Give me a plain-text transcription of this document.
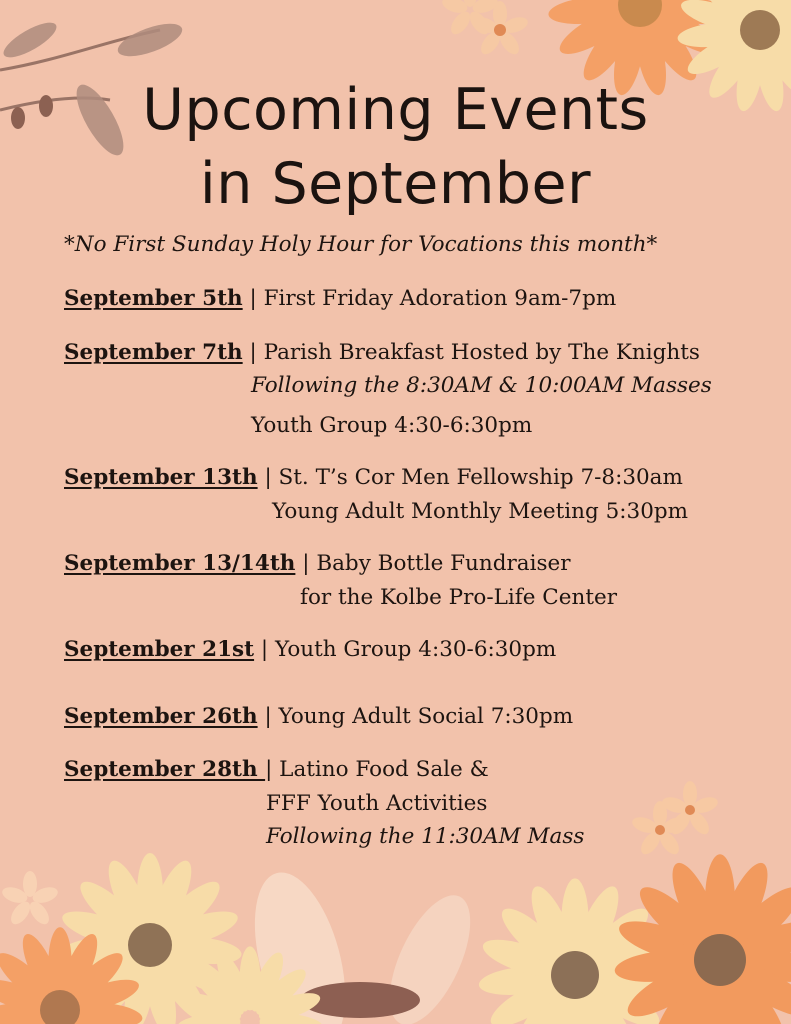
Upcoming Events
in September
*No First Sunday Holy Hour for Vocations this month*
September 5th | First Friday Adoration 9am-7pm
September 7th | Parish Breakfast Hosted by The Knights
Following the 8:30AM & 10:00AM Masses
Youth Group 4:30-6:30pm
September 13th | St. T’s Cor Men Fellowship 7-8:30am
Young Adult Monthly Meeting 5:30pm
September 13/14th | Baby Bottle Fundraiser
for the Kolbe Pro-Life Center
September 21st | Youth Group 4:30-6:30pm
September 26th | Young Adult Social 7:30pm
September 28th | Latino Food Sale &
FFF Youth Activities
Following the 11:30AM Mass
